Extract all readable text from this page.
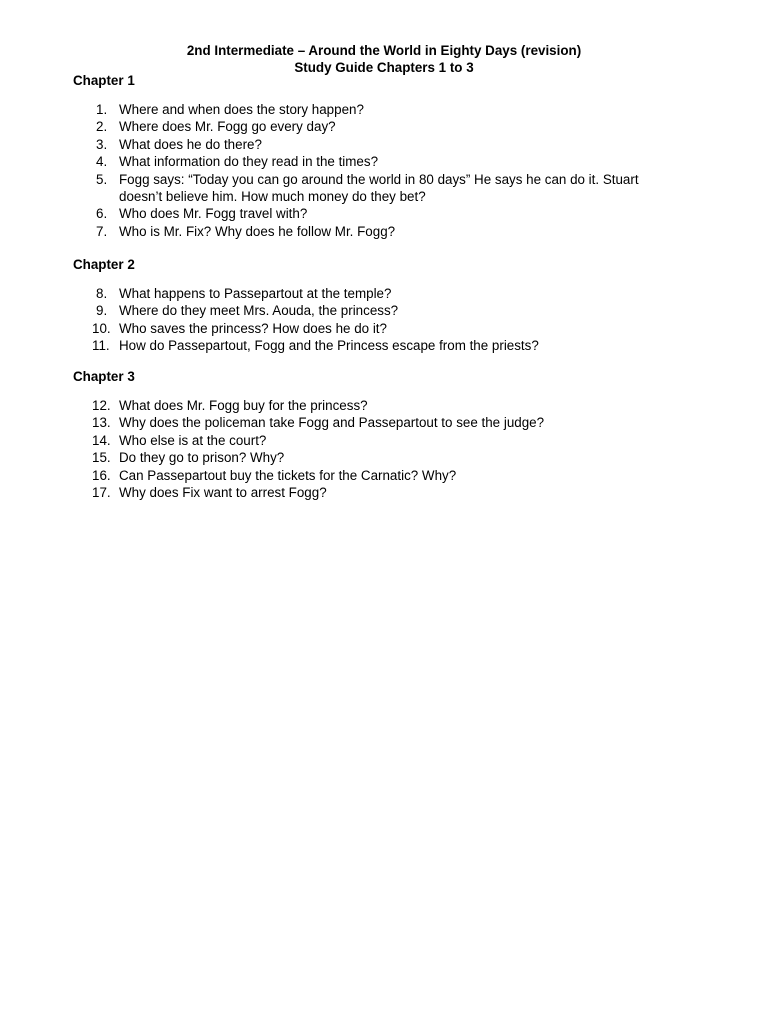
2nd Intermediate – Around the World in Eighty Days (revision)
Study Guide Chapters 1 to 3
Chapter 1
1. Where and when does the story happen?
2. Where does Mr. Fogg go every day?
3. What does he do there?
4. What information do they read in the times?
5. Fogg says: “Today you can go around the world in 80 days” He says he can do it. Stuart
doesn’t believe him. How much money do they bet?
6. Who does Mr. Fogg travel with?
7. Who is Mr. Fix? Why does he follow Mr. Fogg?
Chapter 2
8. What happens to Passepartout at the temple?
9. Where do they meet Mrs. Aouda, the princess?
10. Who saves the princess? How does he do it?
11. How do Passepartout, Fogg and the Princess escape from the priests?
Chapter 3
12. What does Mr. Fogg buy for the princess?
13. Why does the policeman take Fogg and Passepartout to see the judge?
14. Who else is at the court?
15. Do they go to prison? Why?
16. Can Passepartout buy the tickets for the Carnatic? Why?
17. Why does Fix want to arrest Fogg?
